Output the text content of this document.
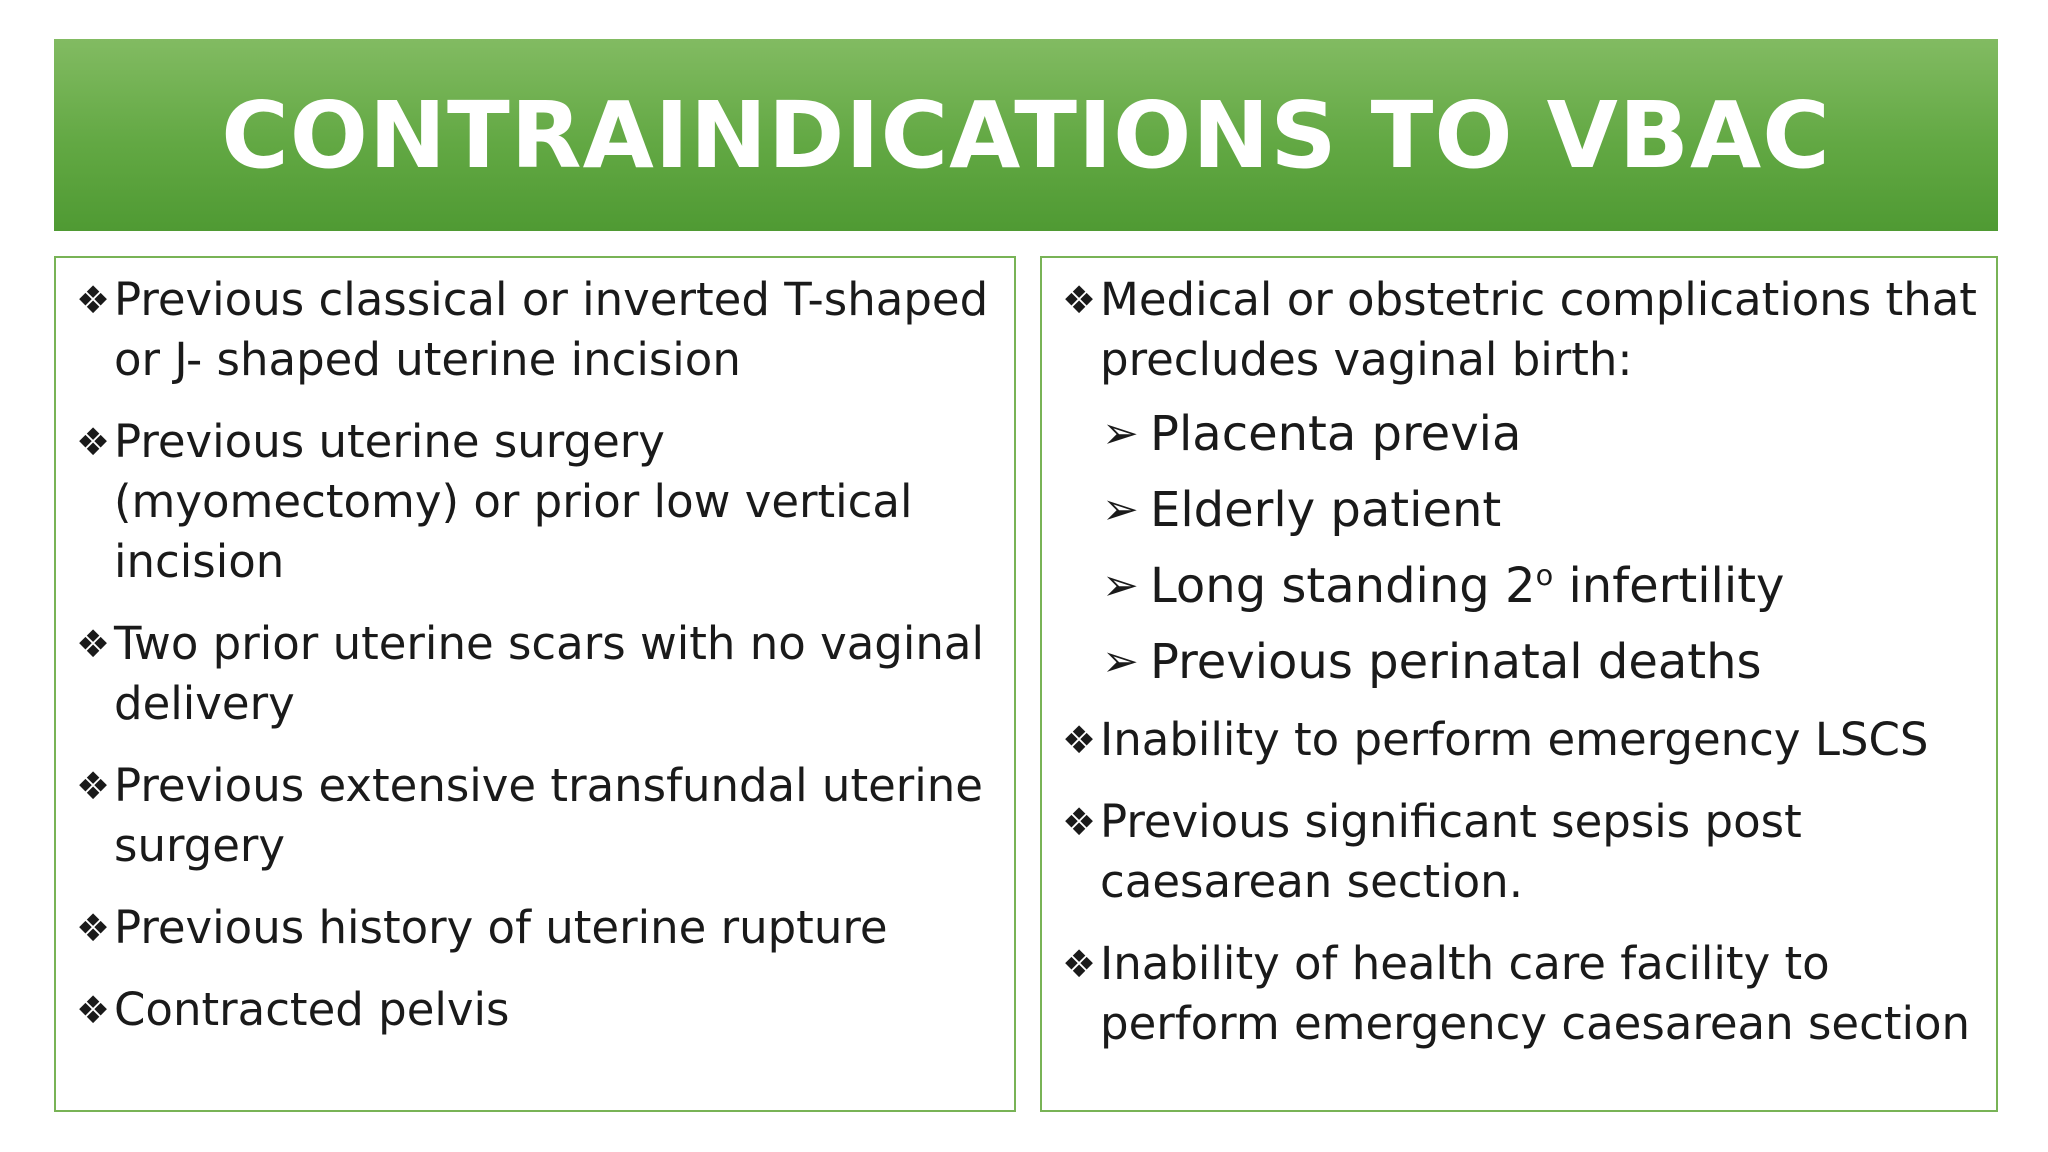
CONTRAINDICATIONS TO VBAC
❖ Previous classical or inverted T-shaped or J- shaped uterine incision
❖ Previous uterine surgery (myomectomy) or prior low vertical incision
❖ Two prior uterine scars with no vaginal delivery
❖ Previous extensive transfundal uterine surgery
❖ Previous history of uterine rupture
❖ Contracted pelvis
❖ Medical or obstetric complications that precludes vaginal birth:
➢ Placenta previa
➢ Elderly patient
➢ Long standing 2$^o$ infertility
➢ Previous perinatal deaths
❖ Inability to perform emergency LSCS
❖ Previous significant sepsis post caesarean section.
❖ Inability of health care facility to perform emergency caesarean section
